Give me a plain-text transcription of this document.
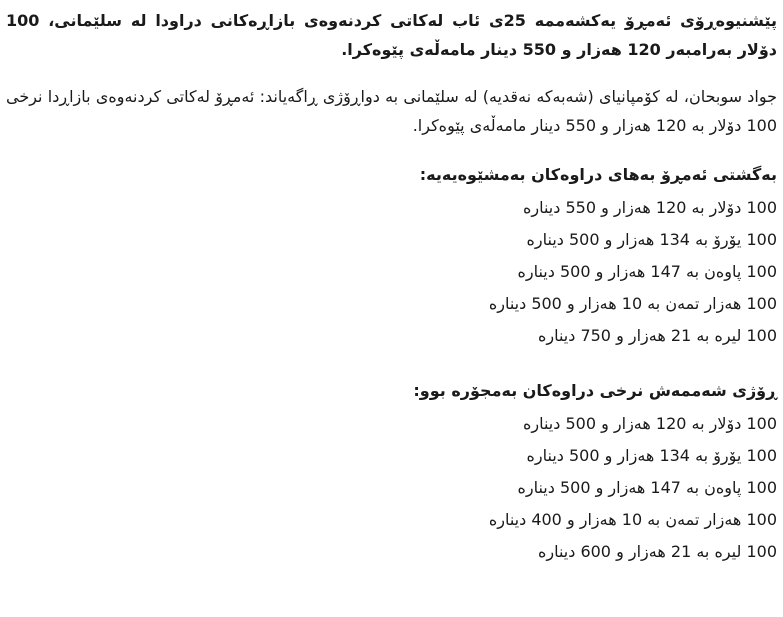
پێشنیوەڕۆی ئەمڕۆ یەکشەممە 25ی ئاب لەکاتی کردنەوەی بازاڕەکانی دراودا لە سلێمانی، 100 دۆلار بەرامبەر 120 هەزار و 550 دینار مامەڵەی پێوەکرا.

جواد سوبحان، لە کۆمپانیای (شەبەکە نەقدیە) لە سلێمانی بە دواڕۆژی ڕاگەیاند: ئەمڕۆ لەکاتی کردنەوەی بازاڕدا نرخی 100 دۆلار بە 120 هەزار و 550 دینار مامەڵەی پێوەکرا.

بەگشتی ئەمڕۆ بەهای دراوەکان بەمشێوەیەیە:

100 دۆلار بە 120 هەزار و 550 دینارە
100 یۆرۆ بە 134 هەزار و 500 دینارە
100 پاوەن بە 147 هەزار و 500 دینارە
100 هەزار تمەن بە 10 هەزار و 500 دینارە
100 لیرە بە 21 هەزار و 750 دینارە

ڕۆژی شەممەش نرخی دراوەکان بەمجۆرە بوو:

100 دۆلار بە 120 هەزار و 500 دینارە
100 یۆرۆ بە 134 هەزار و 500 دینارە
100 پاوەن بە 147 هەزار و 500 دینارە
100 هەزار تمەن بە 10 هەزار و 400 دینارە
100 لیرە بە 21 هەزار و 600 دینارە
